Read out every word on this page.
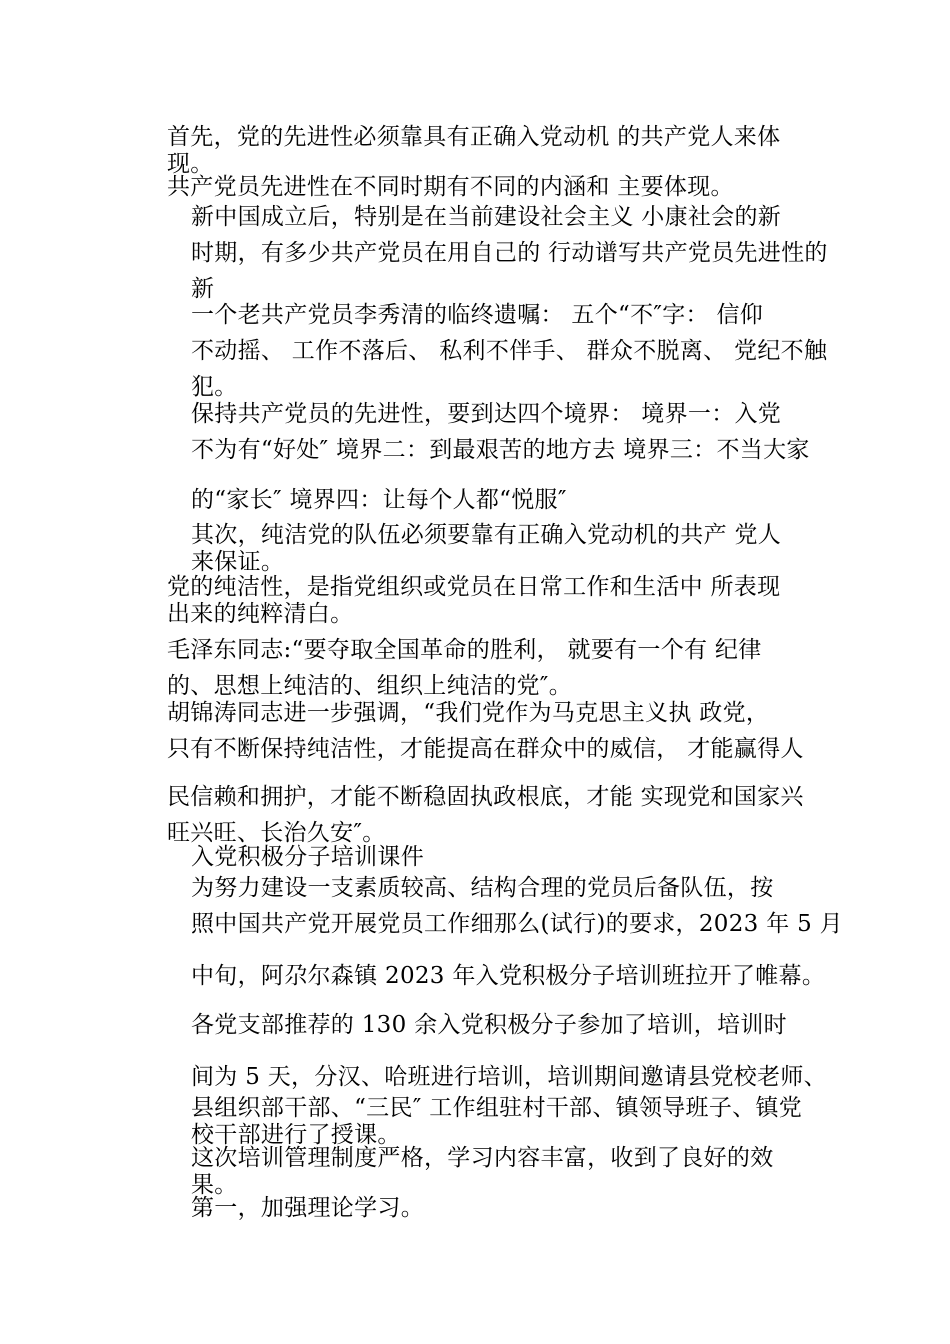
首先，党的先进性必须靠具有正确入党动机 的共产党人来体
现。
共产党员先进性在不同时期有不同的内涵和 主要体现。
新中国成立后，特别是在当前建设社会主义 小康社会的新
时期，有多少共产党员在用自己的 行动谱写共产党员先进性的
新
一个老共产党员李秀清的临终遗嘱： 五个“不″字： 信仰
不动摇、 工作不落后、 私利不伴手、 群众不脱离、 党纪不触
犯。
保持共产党员的先进性，要到达四个境界： 境界一：入党
不为有“好处″ 境界二：到最艰苦的地方去 境界三：不当大家
的“家长″ 境界四：让每个人都“悦服″
其次，纯洁党的队伍必须要靠有正确入党动机的共产 党人
来保证。
党的纯洁性，是指党组织或党员在日常工作和生活中 所表现
出来的纯粹清白。
毛泽东同志:“要夺取全国革命的胜利， 就要有一个有 纪律
的、思想上纯洁的、组织上纯洁的党″。
胡锦涛同志进一步强调，“我们党作为马克思主义执 政党，
只有不断保持纯洁性，才能提高在群众中的威信， 才能赢得人
民信赖和拥护，才能不断稳固执政根底，才能 实现党和国家兴
旺兴旺、长治久安″。
入党积极分子培训课件
为努力建设一支素质较高、结构合理的党员后备队伍，按
照中国共产党开展党员工作细那么(试行)的要求，2023 年 5 月
中旬，阿尕尔森镇 2023 年入党积极分子培训班拉开了帷幕。
各党支部推荐的 130 余入党积极分子参加了培训，培训时
间为 5 天，分汉、哈班进行培训，培训期间邀请县党校老师、
县组织部干部、“三民″ 工作组驻村干部、镇领导班子、镇党
校干部进行了授课。
这次培训管理制度严格，学习内容丰富，收到了良好的效
果。
第一，加强理论学习。
